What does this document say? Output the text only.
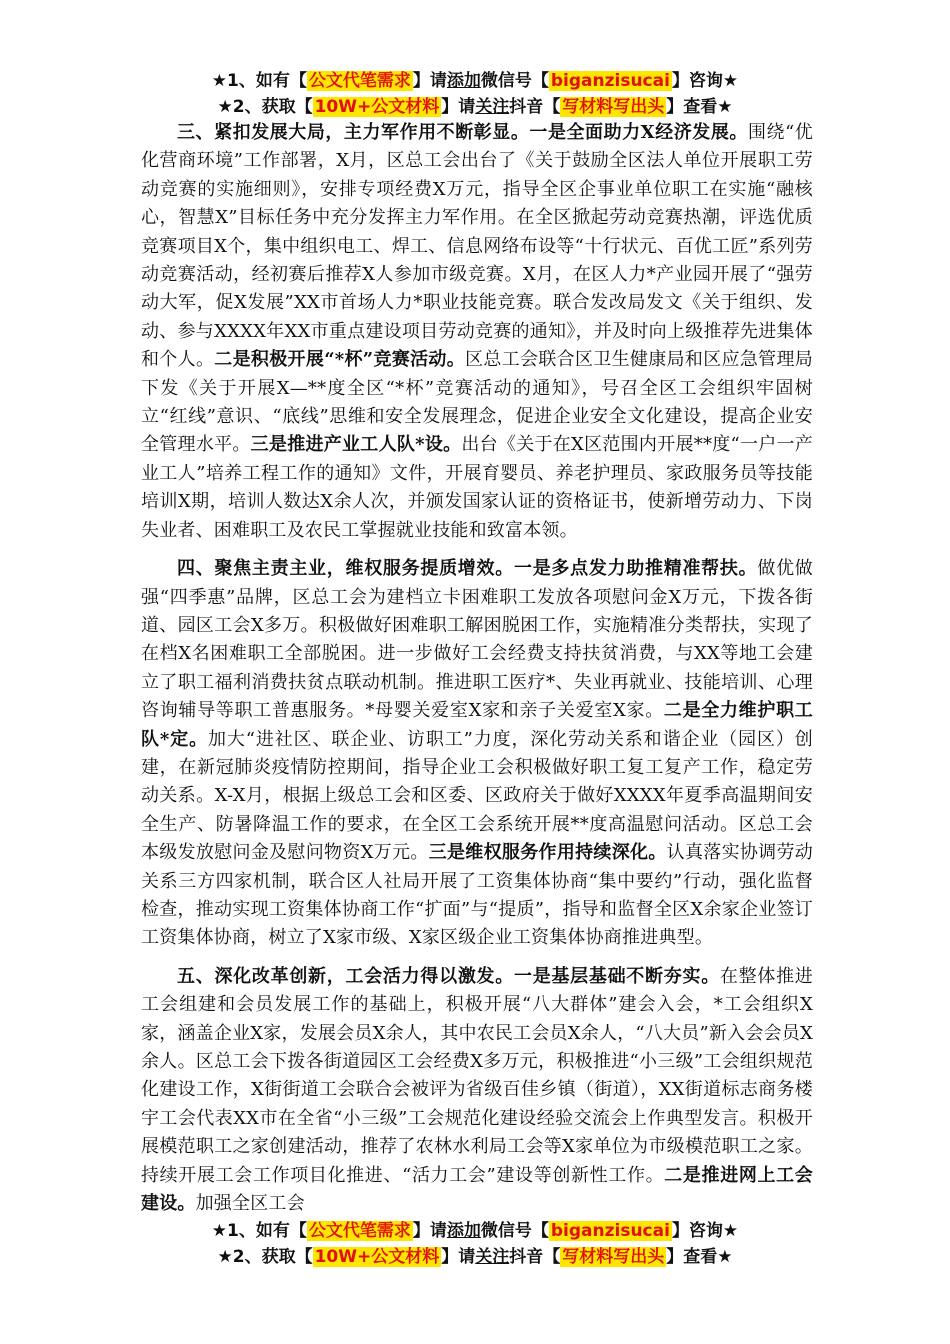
★1、如有【 公文代笔需求 】请添加微信号【 biganzisucai 】咨询★
★2、获取【 10W+公文材料 】请关注抖音【 写材料写出头 】查看★

三、紧扣发展大局，主力军作用不断彰显。一是全面助力X经济发展。围绕“优化营商环境”工作部署，X月，区总工会出台了《关于鼓励全区法人单位开展职工劳动竞赛的实施细则》，安排专项经费X万元，指导全区企事业单位职工在实施“融核心，智慧X”目标任务中充分发挥主力军作用。在全区掀起劳动竞赛热潮，评选优质竞赛项目X个，集中组织电工、焊工、信息网络布设等“十行状元、百优工匠”系列劳动竞赛活动，经初赛后推荐X人参加市级竞赛。X月，在区人力*产业园开展了“强劳动大军，促X发展”XX市首场人力*职业技能竞赛。联合发改局发文《关于组织、发动、参与XXXX年XX市重点建设项目劳动竞赛的通知》，并及时向上级推荐先进集体和个人。二是积极开展“*杯”竞赛活动。区总工会联合区卫生健康局和区应急管理局下发《关于开展X—**度全区“*杯”竞赛活动的通知》，号召全区工会组织牢固树立“红线”意识、“底线”思维和安全发展理念，促进企业安全文化建设，提高企业安全管理水平。三是推进产业工人队*设。出台《关于在X区范围内开展**度“一户一产业工人”培养工程工作的通知》文件，开展育婴员、养老护理员、家政服务员等技能培训X期，培训人数达X余人次，并颁发国家认证的资格证书，使新增劳动力、下岗失业者、困难职工及农民工掌握就业技能和致富本领。

四、聚焦主责主业，维权服务提质增效。一是多点发力助推精准帮扶。做优做强“四季惠”品牌，区总工会为建档立卡困难职工发放各项慰问金X万元，下拨各街道、园区工会X多万。积极做好困难职工解困脱困工作，实施精准分类帮扶，实现了在档X名困难职工全部脱困。进一步做好工会经费支持扶贫消费，与XX等地工会建立了职工福利消费扶贫点联动机制。推进职工医疗*、失业再就业、技能培训、心理咨询辅导等职工普惠服务。*母婴关爱室X家和亲子关爱室X家。二是全力维护职工队*定。加大“进社区、联企业、访职工”力度，深化劳动关系和谐企业（园区）创建，在新冠肺炎疫情防控期间，指导企业工会积极做好职工复工复产工作，稳定劳动关系。X-X月，根据上级总工会和区委、区政府关于做好XXXX年夏季高温期间安全生产、防暑降温工作的要求，在全区工会系统开展**度高温慰问活动。区总工会本级发放慰问金及慰问物资X万元。三是维权服务作用持续深化。认真落实协调劳动关系三方四家机制，联合区人社局开展了工资集体协商“集中要约”行动，强化监督检查，推动实现工资集体协商工作“扩面”与“提质”，指导和监督全区X余家企业签订工资集体协商，树立了X家市级、X家区级企业工资集体协商推进典型。

五、深化改革创新，工会活力得以激发。一是基层基础不断夯实。在整体推进工会组建和会员发展工作的基础上，积极开展“八大群体”建会入会，*工会组织X家，涵盖企业X家，发展会员X余人，其中农民工会员X余人，“八大员”新入会会员X余人。区总工会下拨各街道园区工会经费X多万元，积极推进“小三级”工会组织规范化建设工作，X街街道工会联合会被评为省级百佳乡镇（街道），XX街道标志商务楼宇工会代表XX市在全省“小三级”工会规范化建设经验交流会上作典型发言。积极开展模范职工之家创建活动，推荐了农林水利局工会等X家单位为市级模范职工之家。持续开展工会工作项目化推进、“活力工会”建设等创新性工作。二是推进网上工会建设。加强全区工会

★1、如有【 公文代笔需求 】请添加微信号【 biganzisucai 】咨询★
★2、获取【 10W+公文材料 】请关注抖音【 写材料写出头 】查看★
